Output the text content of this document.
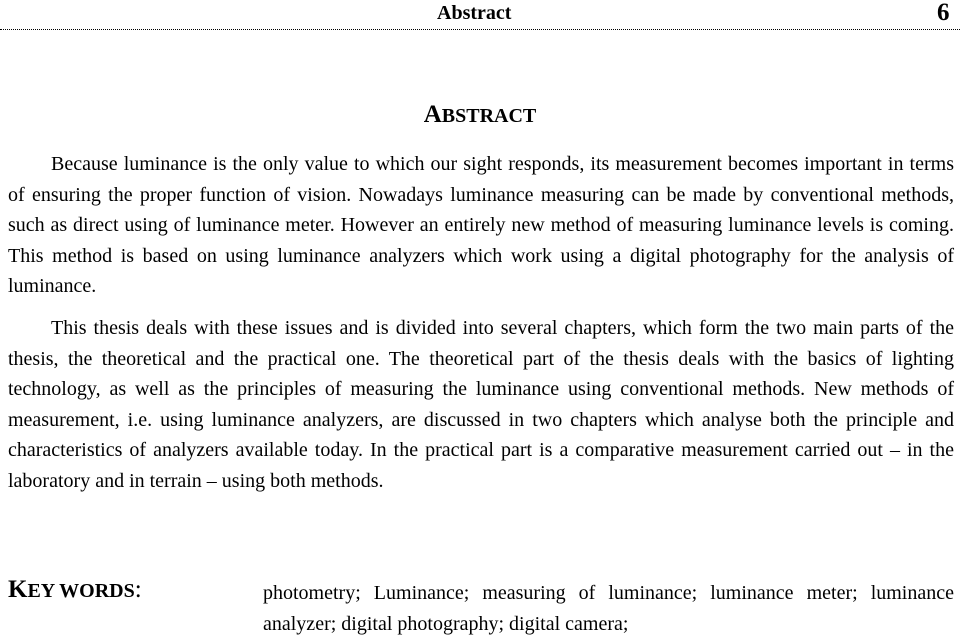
Abstract	6
ABSTRACT

Because luminance is the only value to which our sight responds, its measurement becomes important in terms of ensuring the proper function of vision. Nowadays luminance measuring can be made by conventional methods, such as direct using of luminance meter. However an entirely new method of measuring luminance levels is coming. This method is based on using luminance analyzers which work using a digital photography for the analysis of luminance.

This thesis deals with these issues and is divided into several chapters, which form the two main parts of the thesis, the theoretical and the practical one. The theoretical part of the thesis deals with the basics of lighting technology, as well as the principles of measuring the luminance using conventional methods. New methods of measurement, i.e. using luminance analyzers, are discussed in two chapters which analyse both the principle and characteristics of analyzers available today. In the practical part is a comparative measurement carried out – in the laboratory and in terrain – using both methods.

KEY WORDS:	photometry; Luminance; measuring of luminance; luminance meter; luminance analyzer; digital photography; digital camera;
